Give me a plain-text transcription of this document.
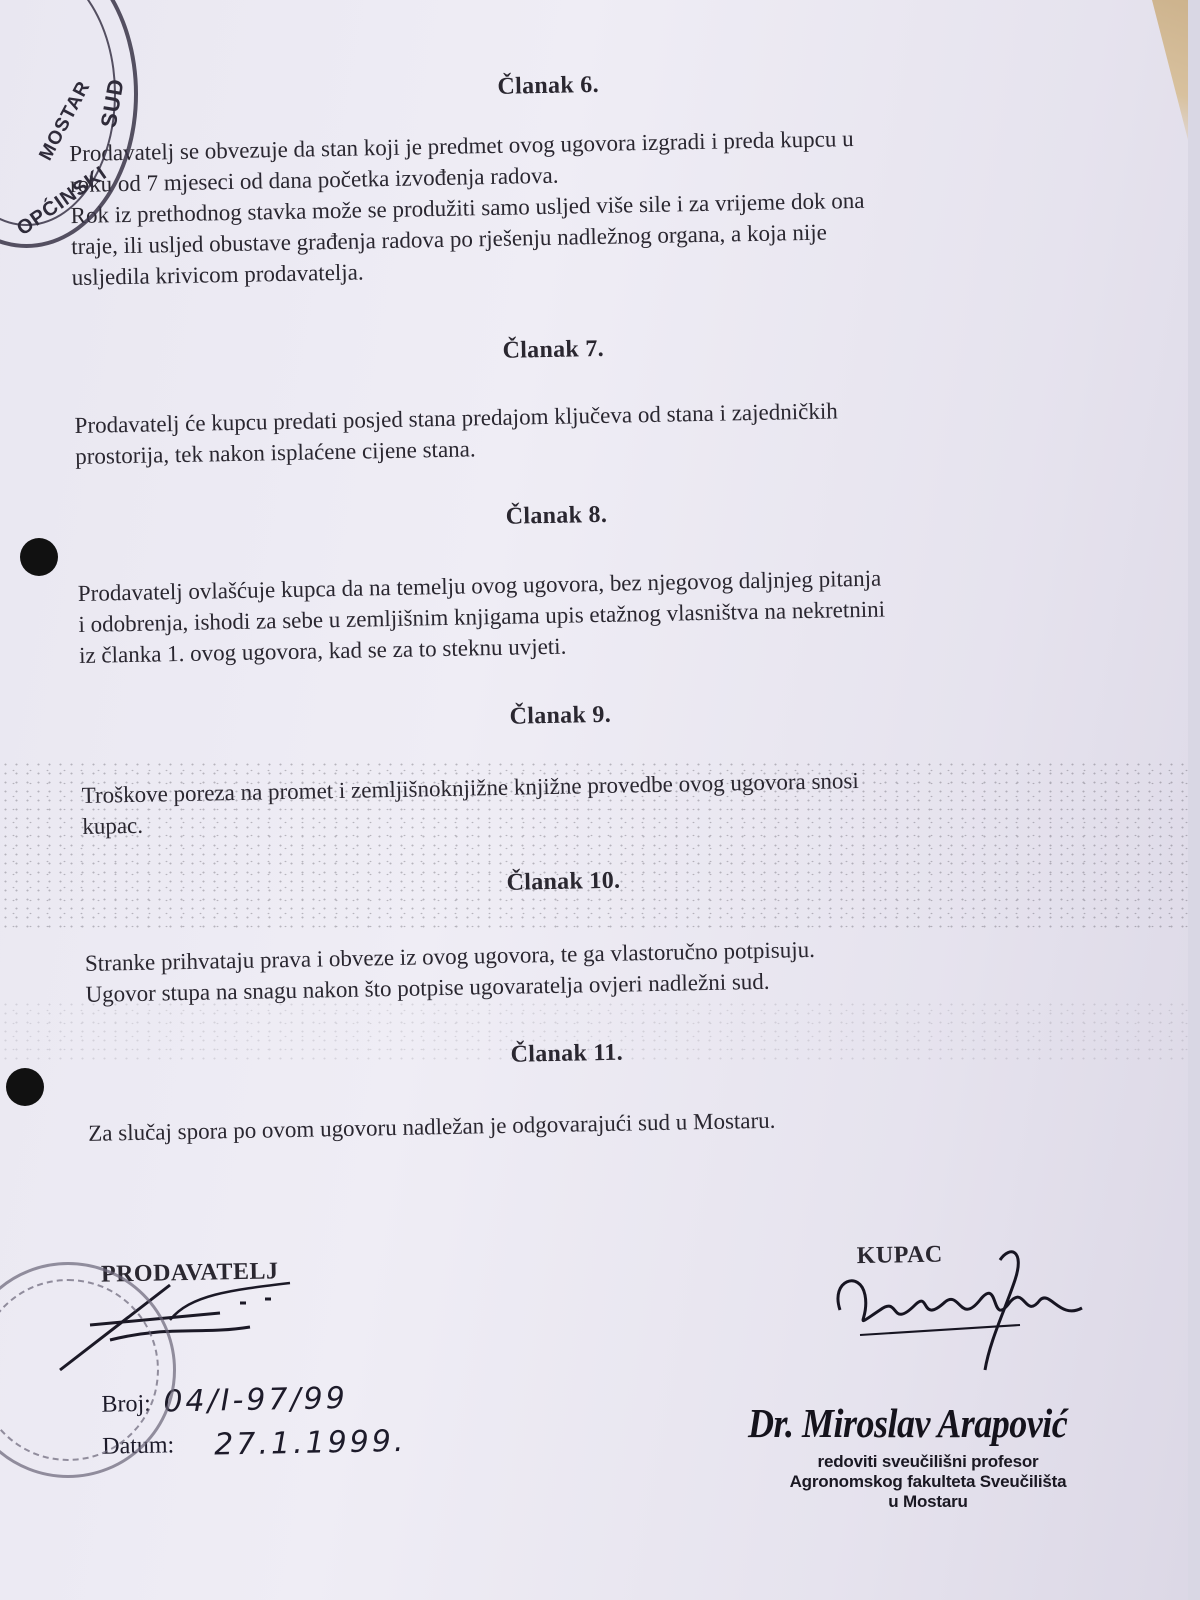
Članak 6.
Prodavatelj se obvezuje da stan koji je predmet ovog ugovora izgradi i preda kupcu u
roku od 7 mjeseci od dana početka izvođenja radova.
Rok iz prethodnog stavka može se produžiti samo uslјed više sile i za vrijeme dok ona
traje, ili usljed obustave građenja radova po rješenju nadležnog organa, a koja nije
usljedila krivicom prodavatelja.
Članak 7.
Prodavatelj će kupcu predati posjed stana predajom ključeva od stana i zajedničkih
prostorija, tek nakon isplaćene cijene stana.
Članak 8.
Prodavatelj ovlašćuje kupca da na temelju ovog ugovora, bez njegovog daljnjeg pitanja
i odobrenja, ishodi za sebe u zemljišnim knjigama upis etažnog vlasništva na nekretnini
iz članka 1. ovog ugovora, kad se za to steknu uvjeti.
Članak 9.
Troškove poreza na promet i zemljišnoknjižne knjižne provedbe ovog ugovora snosi
kupac.
Članak 10.
Stranke prihvataju prava i obveze iz ovog ugovora, te ga vlastoručno potpisuju.
Ugovor stupa na snagu nakon što potpise ugovaratelja ovjeri nadležni sud.
Članak 11.
Za slučaj spora po ovom ugovoru nadležan je odgovarajući sud u Mostaru.
PRODAVATELJ
Broj: 04/I-97/99
Datum: 27.1.1999.
KUPAC
Dr. Miroslav Arapović
redoviti sveučilišni profesor
Agronomskog fakulteta Sveučilišta
u Mostaru
MOSTAR SUD
OPĆINSKI
